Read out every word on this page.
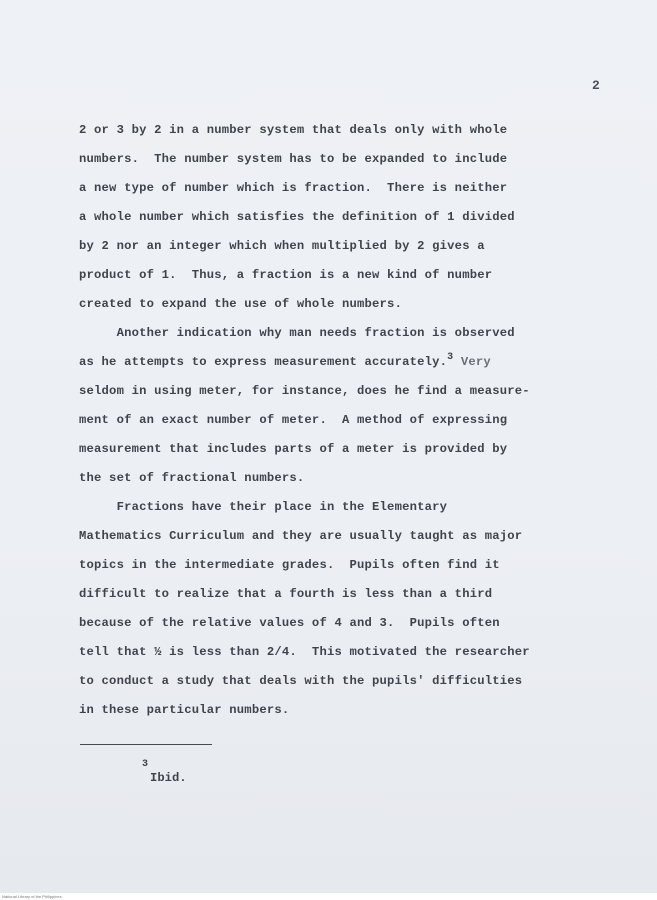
2
2 or 3 by 2 in a number system that deals only with whole
numbers.  The number system has to be expanded to include
a new type of number which is fraction.  There is neither
a whole number which satisfies the definition of 1 divided
by 2 nor an integer which when multiplied by 2 gives a
product of 1.  Thus, a fraction is a new kind of number
created to expand the use of whole numbers.
Another indication why man needs fraction is observed
as he attempts to express measurement accurately.$^3$ Very
seldom in using meter, for instance, does he find a measure-
ment of an exact number of meter.  A method of expressing
measurement that includes parts of a meter is provided by
the set of fractional numbers.
Fractions have their place in the Elementary
Mathematics Curriculum and they are usually taught as major
topics in the intermediate grades.  Pupils often find it
difficult to realize that a fourth is less than a third
because of the relative values of 4 and 3.  Pupils often
tell that ½ is less than 2/4.  This motivated the researcher
to conduct a study that deals with the pupils' difficulties
in these particular numbers.
3
Ibid.
National Library of the Philippines
